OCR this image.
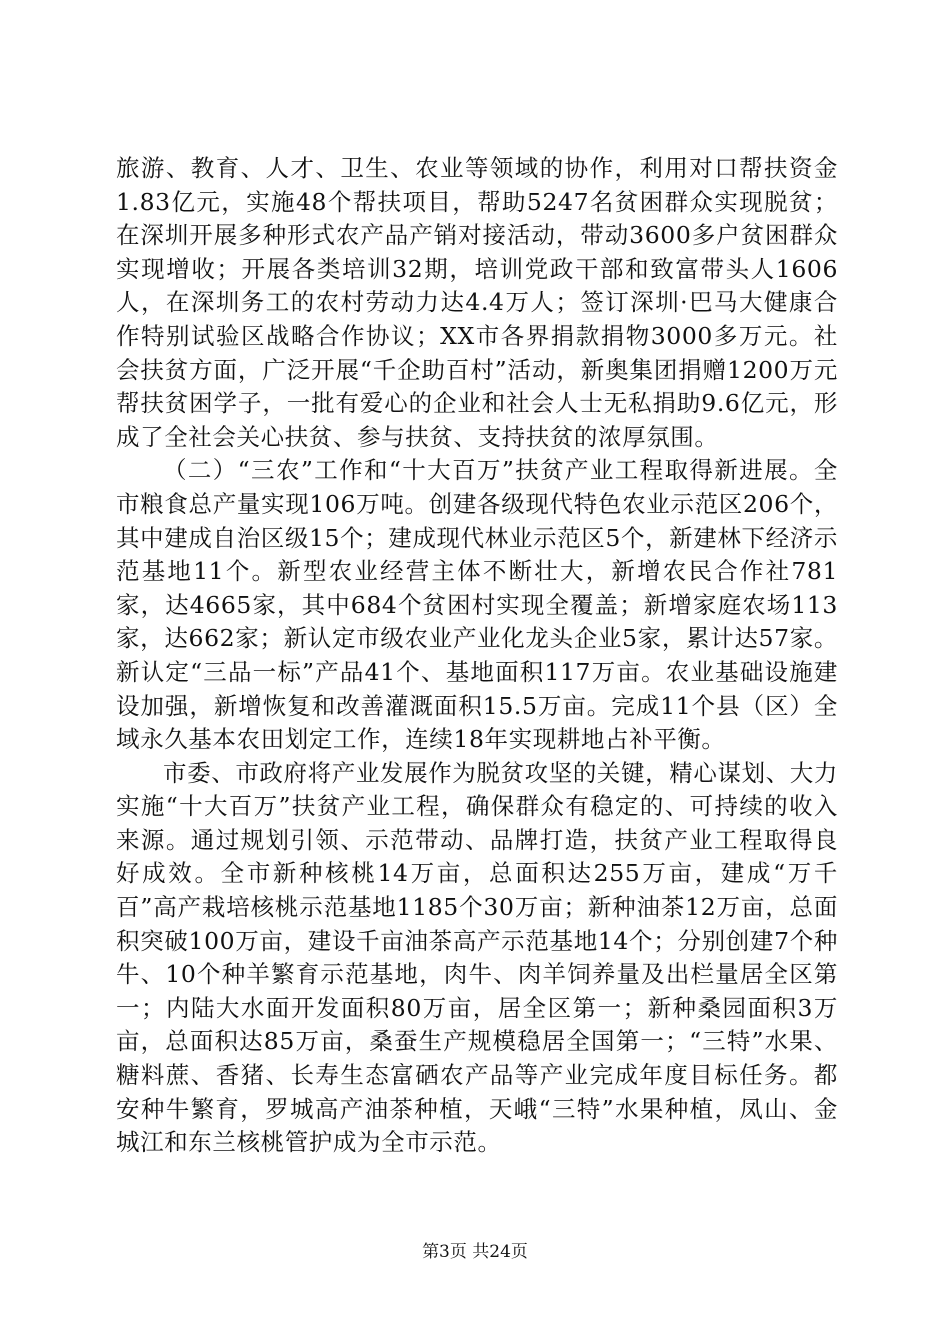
旅游、教育、人才、卫生、农业等领域的协作，利用对口帮扶资金1.83亿元，实施48个帮扶项目，帮助5247名贫困群众实现脱贫；在深圳开展多种形式农产品产销对接活动，带动3600多户贫困群众实现增收；开展各类培训32期，培训党政干部和致富带头人1606人，在深圳务工的农村劳动力达4.4万人；签订深圳·巴马大健康合作特别试验区战略合作协议；XX市各界捐款捐物3000多万元。社会扶贫方面，广泛开展“千企助百村”活动，新奥集团捐赠1200万元帮扶贫困学子，一批有爱心的企业和社会人士无私捐助9.6亿元，形成了全社会关心扶贫、参与扶贫、支持扶贫的浓厚氛围。

（二）“三农”工作和“十大百万”扶贫产业工程取得新进展。全市粮食总产量实现106万吨。创建各级现代特色农业示范区206个，其中建成自治区级15个；建成现代林业示范区5个，新建林下经济示范基地11个。新型农业经营主体不断壮大，新增农民合作社781家，达4665家，其中684个贫困村实现全覆盖；新增家庭农场113家，达662家；新认定市级农业产业化龙头企业5家，累计达57家。新认定“三品一标”产品41个、基地面积117万亩。农业基础设施建设加强，新增恢复和改善灌溉面积15.5万亩。完成11个县（区）全域永久基本农田划定工作，连续18年实现耕地占补平衡。

市委、市政府将产业发展作为脱贫攻坚的关键，精心谋划、大力实施“十大百万”扶贫产业工程，确保群众有稳定的、可持续的收入来源。通过规划引领、示范带动、品牌打造，扶贫产业工程取得良好成效。全市新种核桃14万亩，总面积达255万亩，建成“万千百”高产栽培核桃示范基地1185个30万亩；新种油茶12万亩，总面积突破100万亩，建设千亩油茶高产示范基地14个；分别创建7个种牛、10个种羊繁育示范基地，肉牛、肉羊饲养量及出栏量居全区第一；内陆大水面开发面积80万亩，居全区第一；新种桑园面积3万亩，总面积达85万亩，桑蚕生产规模稳居全国第一；“三特”水果、糖料蔗、香猪、长寿生态富硒农产品等产业完成年度目标任务。都安种牛繁育，罗城高产油茶种植，天峨“三特”水果种植，凤山、金城江和东兰核桃管护成为全市示范。

第3页 共24页
